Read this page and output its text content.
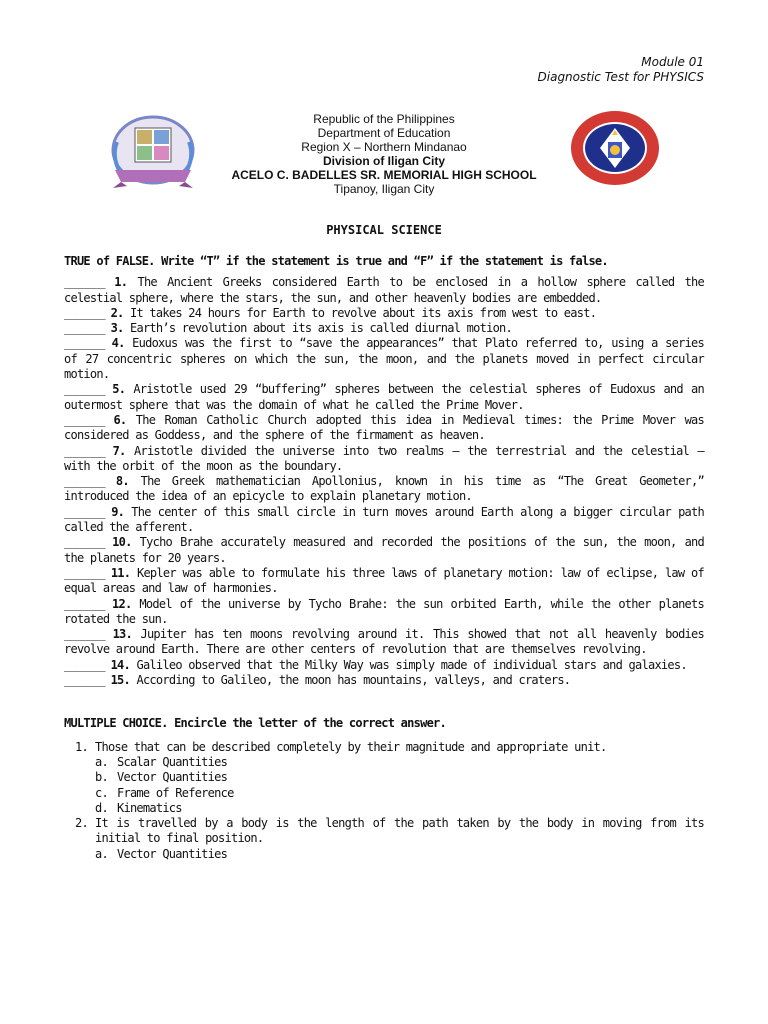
Module 01
Diagnostic Test for PHYSICS
Republic of the Philippines
Department of Education
Region X – Northern Mindanao
Division of Iligan City
ACELO C. BADELLES SR. MEMORIAL HIGH SCHOOL
Tipanoy, Iligan City
PHYSICAL SCIENCE

TRUE of FALSE. Write “T” if the statement is true and “F” if the statement is false.

_______ 1. The Ancient Greeks considered Earth to be enclosed in a hollow sphere called the celestial sphere, where the stars, the sun, and other heavenly bodies are embedded.

_______ 2. It takes 24 hours for Earth to revolve about its axis from west to east.

_______ 3. Earth’s revolution about its axis is called diurnal motion.

_______ 4. Eudoxus was the first to “save the appearances” that Plato referred to, using a series of 27 concentric spheres on which the sun, the moon, and the planets moved in perfect circular motion.

_______ 5. Aristotle used 29 “buffering” spheres between the celestial spheres of Eudoxus and an outermost sphere that was the domain of what he called the Prime Mover.

_______ 6. The Roman Catholic Church adopted this idea in Medieval times: the Prime Mover was considered as Goddess, and the sphere of the firmament as heaven.

_______ 7. Aristotle divided the universe into two realms – the terrestrial and the celestial – with the orbit of the moon as the boundary.

_______ 8. The Greek mathematician Apollonius, known in his time as “The Great Geometer,” introduced the idea of an epicycle to explain planetary motion.

_______ 9. The center of this small circle in turn moves around Earth along a bigger circular path called the afferent.

_______ 10. Tycho Brahe accurately measured and recorded the positions of the sun, the moon, and the planets for 20 years.

_______ 11. Kepler was able to formulate his three laws of planetary motion: law of eclipse, law of equal areas and law of harmonies.

_______ 12. Model of the universe by Tycho Brahe: the sun orbited Earth, while the other planets rotated the sun.

_______ 13. Jupiter has ten moons revolving around it. This showed that not all heavenly bodies revolve around Earth. There are other centers of revolution that are themselves revolving.

_______ 14. Galileo observed that the Milky Way was simply made of individual stars and galaxies.

_______ 15. According to Galileo, the moon has mountains, valleys, and craters.

MULTIPLE CHOICE. Encircle the letter of the correct answer.

1. Those that can be described completely by their magnitude and appropriate unit.
a. Scalar Quantities
b. Vector Quantities
c. Frame of Reference
d. Kinematics
2. It is travelled by a body is the length of the path taken by the body in moving from its initial to final position.
a. Vector Quantities
